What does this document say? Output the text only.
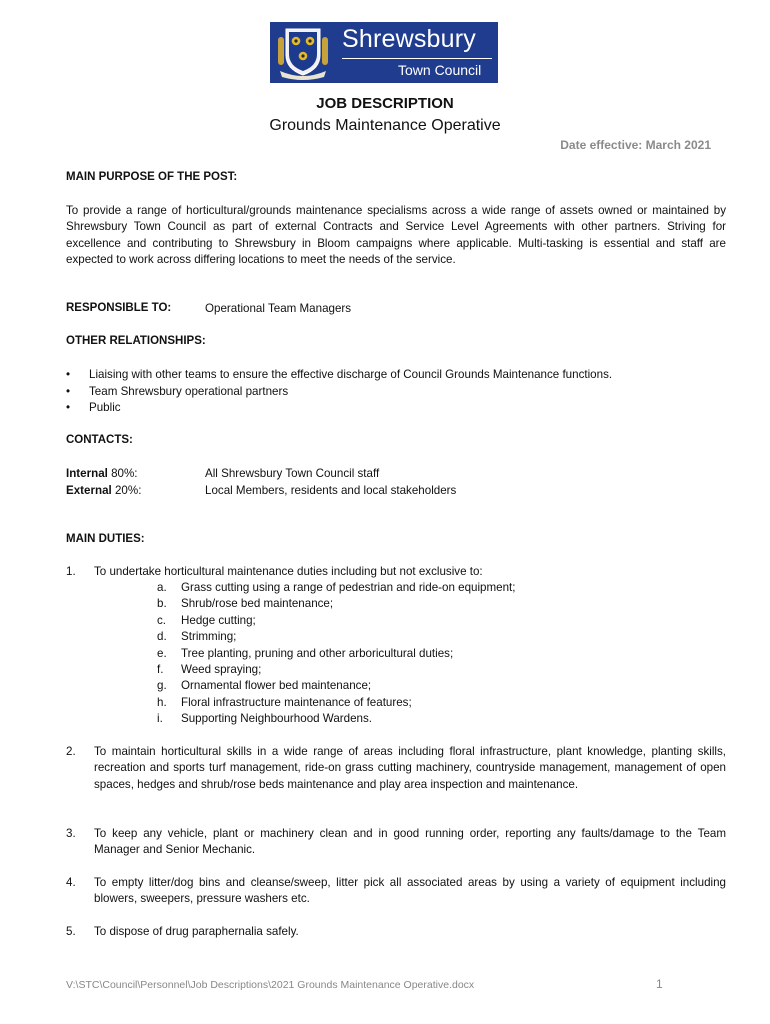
Shrewsbury
Town Council
JOB DESCRIPTION
Grounds Maintenance Operative
Date effective: March 2021
MAIN PURPOSE OF THE POST:
To provide a range of horticultural/grounds maintenance specialisms across a wide range of assets owned or maintained by Shrewsbury Town Council as part of external Contracts and Service Level Agreements with other partners. Striving for excellence and contributing to Shrewsbury in Bloom campaigns where applicable. Multi-tasking is essential and staff are expected to work across differing locations to meet the needs of the service.
RESPONSIBLE TO:	Operational Team Managers
OTHER RELATIONSHIPS:
• Liaising with other teams to ensure the effective discharge of Council Grounds Maintenance functions.
• Team Shrewsbury operational partners
• Public
CONTACTS:
Internal 80%:	All Shrewsbury Town Council staff
External 20%:	Local Members, residents and local stakeholders
MAIN DUTIES:
1. To undertake horticultural maintenance duties including but not exclusive to:
a. Grass cutting using a range of pedestrian and ride-on equipment;
b. Shrub/rose bed maintenance;
c. Hedge cutting;
d. Strimming;
e. Tree planting, pruning and other arboricultural duties;
f. Weed spraying;
g. Ornamental flower bed maintenance;
h. Floral infrastructure maintenance of features;
i. Supporting Neighbourhood Wardens.
2. To maintain horticultural skills in a wide range of areas including floral infrastructure, plant knowledge, planting skills, recreation and sports turf management, ride-on grass cutting machinery, countryside management, management of open spaces, hedges and shrub/rose beds maintenance and play area inspection and maintenance.
3. To keep any vehicle, plant or machinery clean and in good running order, reporting any faults/damage to the Team Manager and Senior Mechanic.
4. To empty litter/dog bins and cleanse/sweep, litter pick all associated areas by using a variety of equipment including blowers, sweepers, pressure washers etc.
5. To dispose of drug paraphernalia safely.
V:\STC\Council\Personnel\Job Descriptions\2021 Grounds Maintenance Operative.docx	1
